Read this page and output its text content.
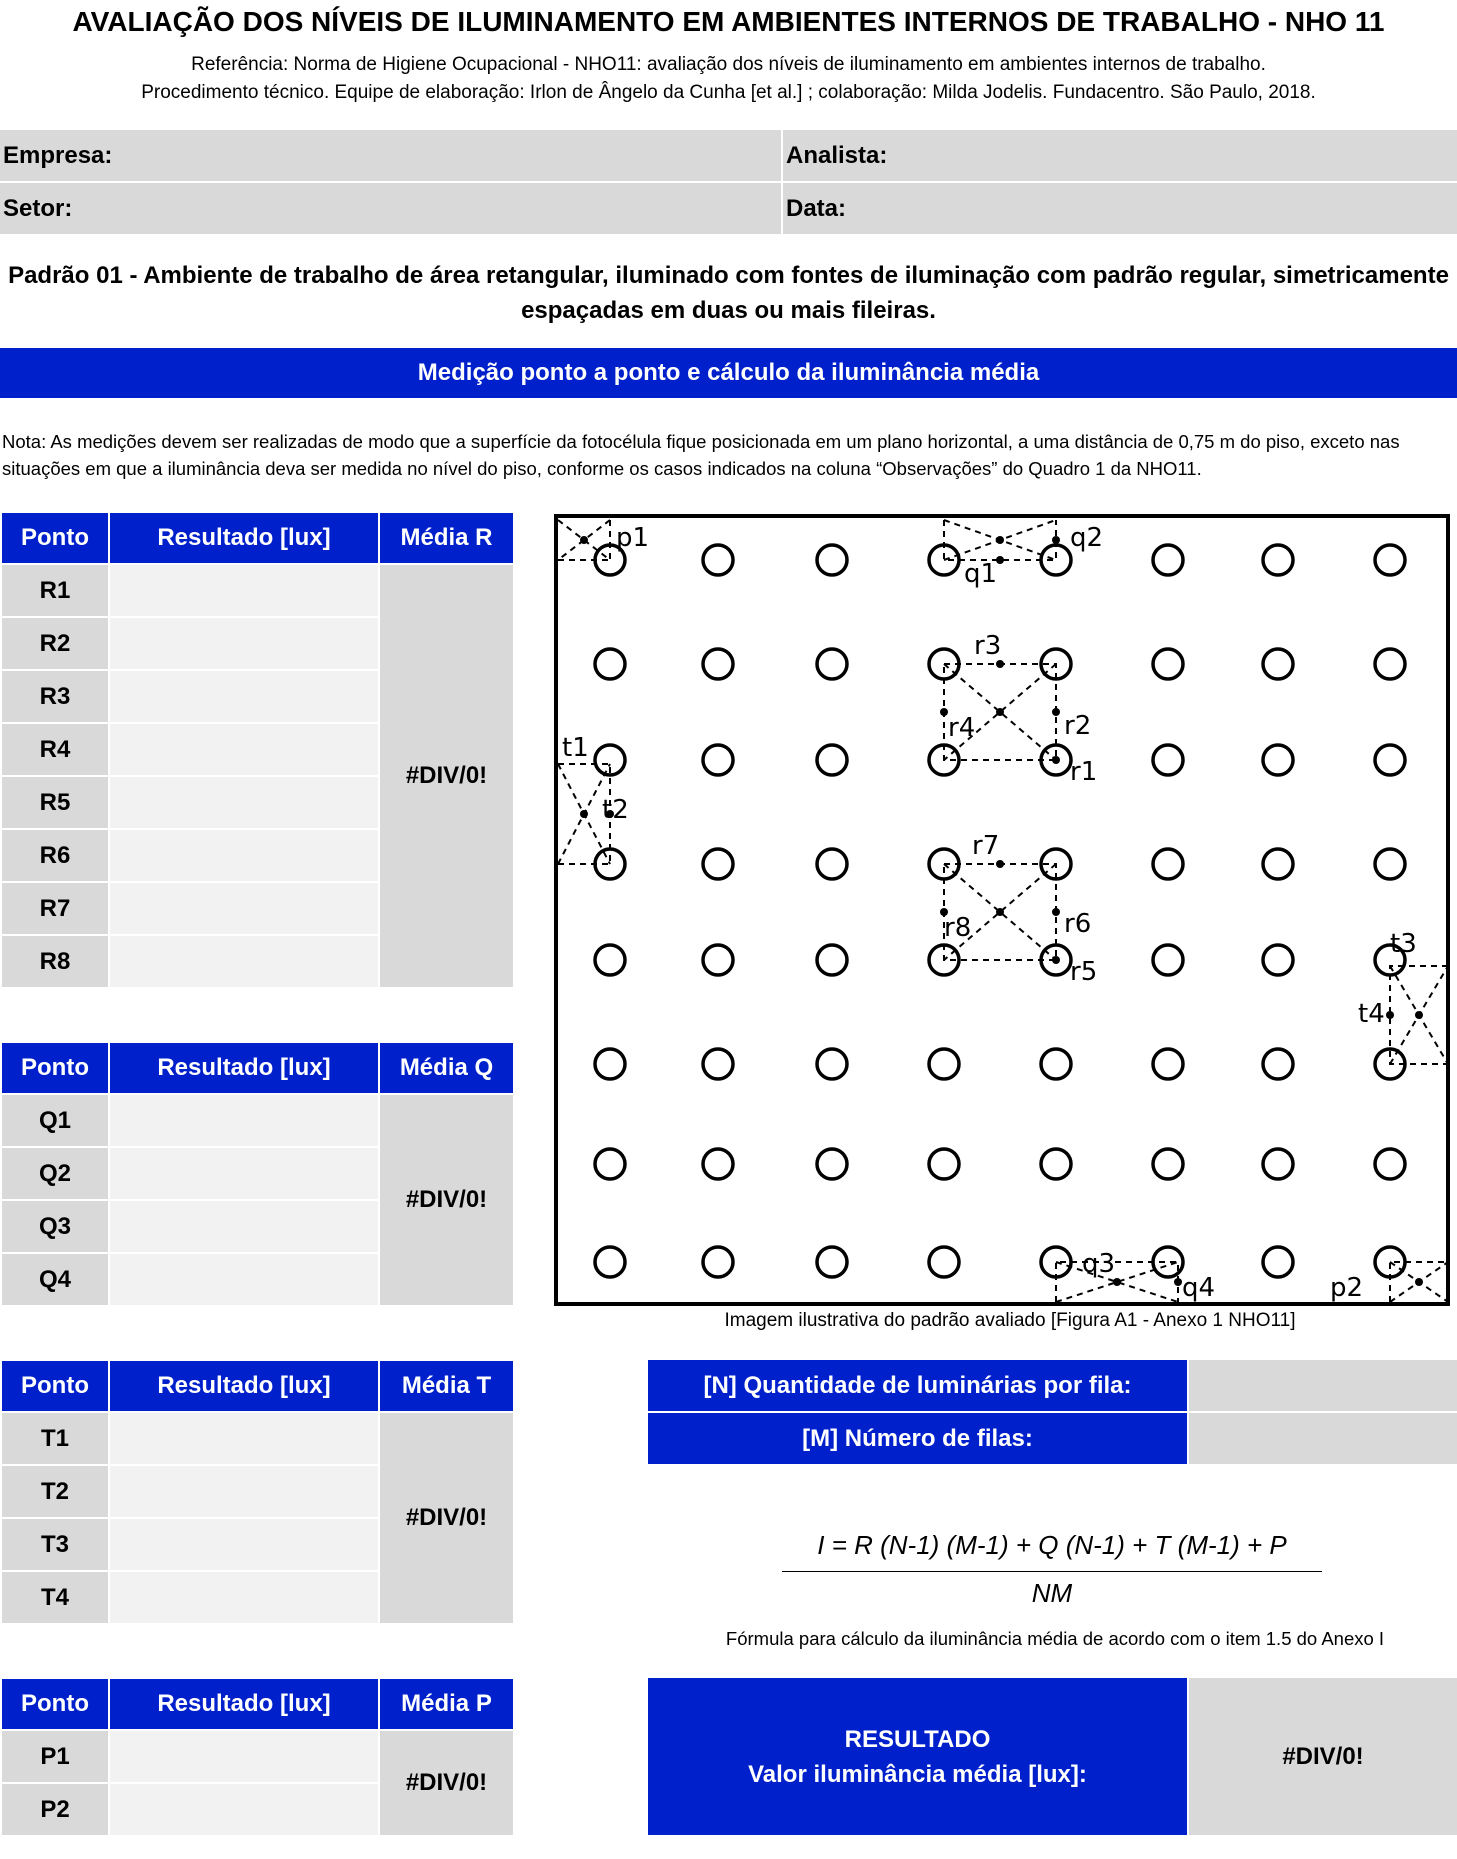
AVALIAÇÃO DOS NÍVEIS DE ILUMINAMENTO EM AMBIENTES INTERNOS DE TRABALHO - NHO 11
Referência: Norma de Higiene Ocupacional - NHO11: avaliação dos níveis de iluminamento em ambientes internos de trabalho.
Procedimento técnico. Equipe de elaboração: Irlon de Ângelo da Cunha [et al.] ; colaboração: Milda Jodelis. Fundacentro. São Paulo, 2018.
Empresa:	Analista:
Setor:	Data:
Padrão 01 - Ambiente de trabalho de área retangular, iluminado com fontes de iluminação com padrão regular, simetricamente
espaçadas em duas ou mais fileiras.
Medição ponto a ponto e cálculo da iluminância média
Nota: As medições devem ser realizadas de modo que a superfície da fotocélula fique posicionada em um plano horizontal, a uma distância de 0,75 m do piso, exceto nas situações em que a iluminância deva ser medida no nível do piso, conforme os casos indicados na coluna “Observações” do Quadro 1 da NHO11.
Ponto	Resultado [lux]	Média R
R1		#DIV/0!
R2		
R3		
R4		
R5		
R6		
R7		
R8		
Ponto	Resultado [lux]	Média Q
Q1		#DIV/0!
Q2		
Q3		
Q4		
Ponto	Resultado [lux]	Média T
T1		#DIV/0!
T2		
T3		
T4		
Ponto	Resultado [lux]	Média P
P1		#DIV/0!
P2		
p1
q1
q2
r3
r4	r2
r1
r7
r8	r6
r5
t1
t2
t3
t4
q3
q4	p2
Imagem ilustrativa do padrão avaliado [Figura A1 - Anexo 1 NHO11]
[N] Quantidade de luminárias por fila:
[M] Número de filas:
I = R (N-1) (M-1) + Q (N-1) + T (M-1) + P
NM
Fórmula para cálculo da iluminância média de acordo com o item 1.5 do Anexo I
RESULTADO
Valor iluminância média [lux]:
#DIV/0!
